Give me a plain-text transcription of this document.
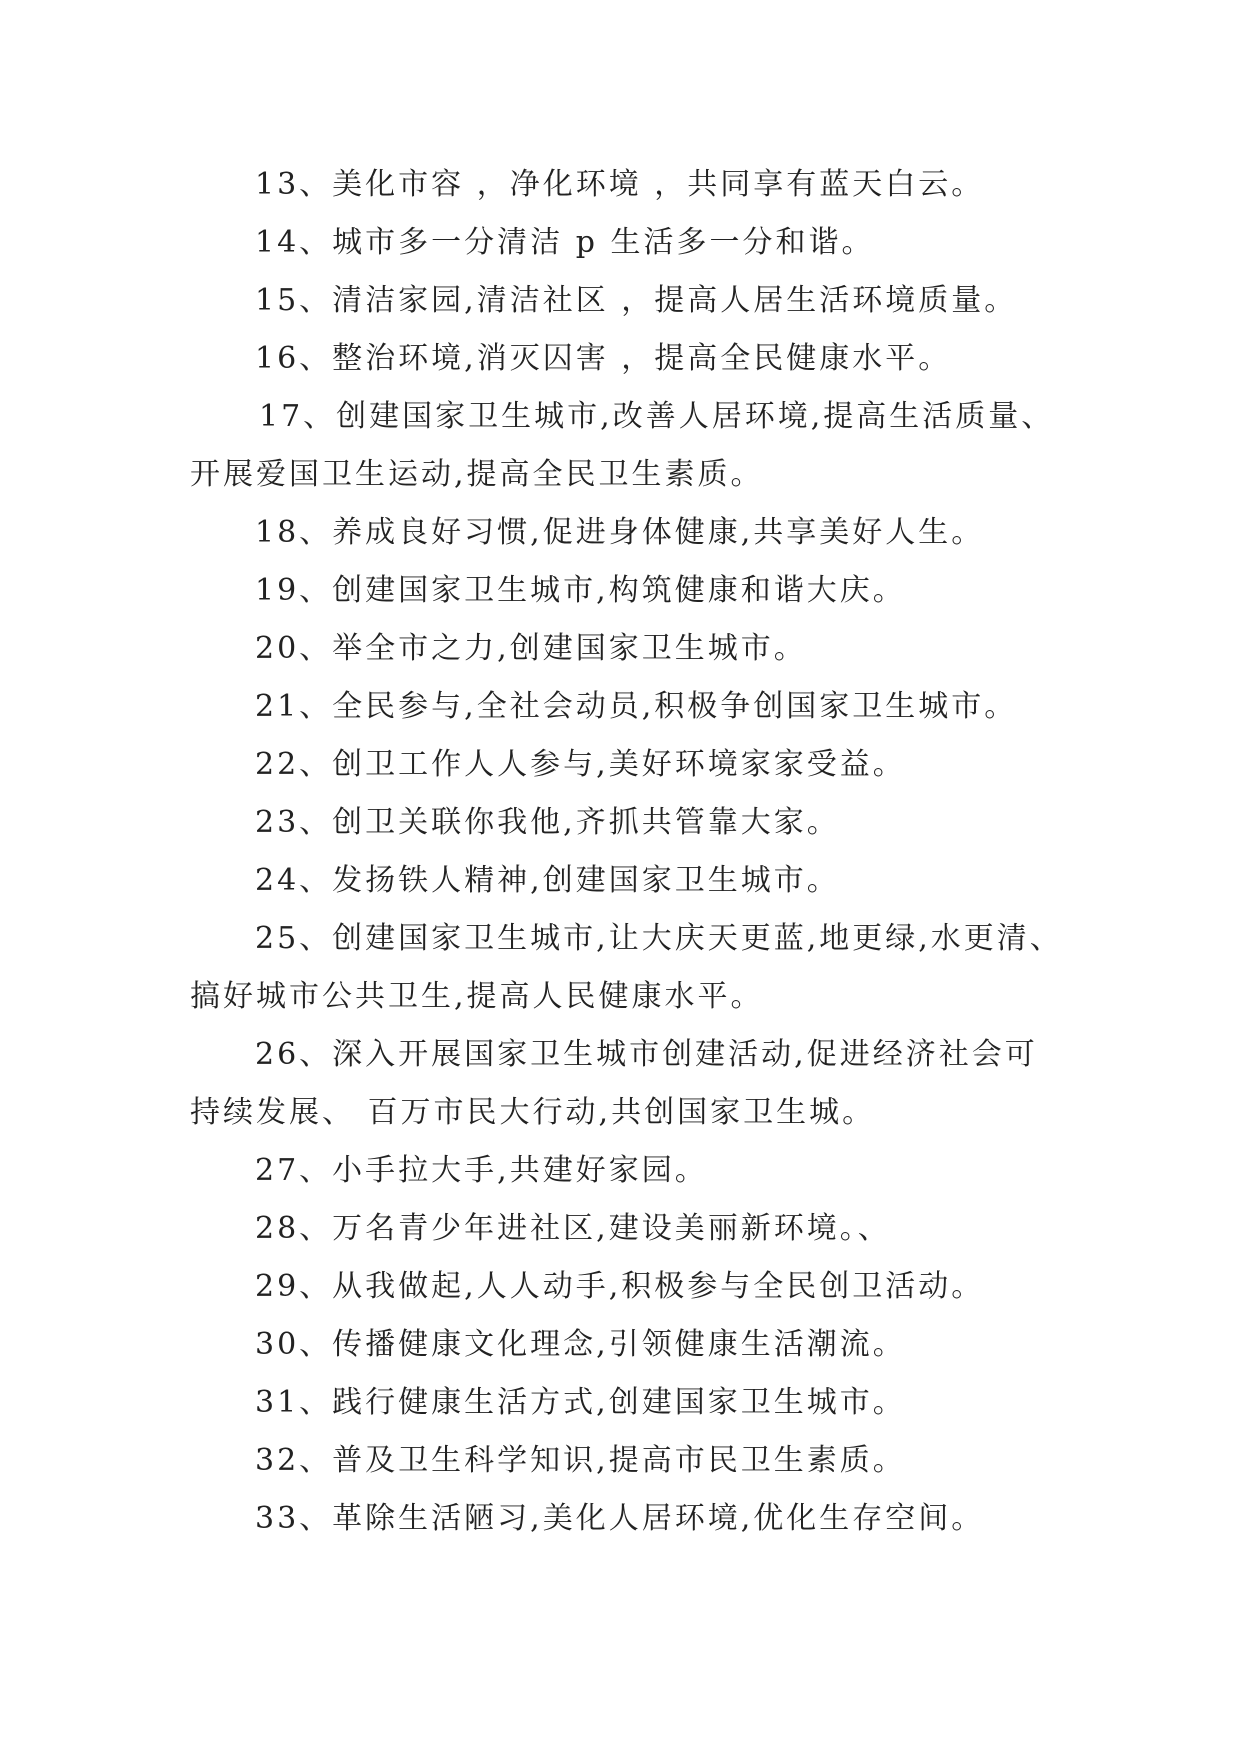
13、美化市容 ，净化环境 ，共同享有蓝天白云。
14、城市多一分清洁 p 生活多一分和谐。
15、清洁家园,清洁社区 ，提高人居生活环境质量。
16、整治环境,消灭囚害 ，提高全民健康水平。
17、创建国家卫生城市,改善人居环境,提高生活质量、
开展爱国卫生运动,提高全民卫生素质。
18、养成良好习惯,促进身体健康,共享美好人生。
19、创建国家卫生城市,构筑健康和谐大庆。
20、举全市之力,创建国家卫生城市。
21、全民参与,全社会动员,积极争创国家卫生城市。
22、创卫工作人人参与,美好环境家家受益。
23、创卫关联你我他,齐抓共管靠大家。
24、发扬铁人精神,创建国家卫生城市。
25、创建国家卫生城市,让大庆天更蓝,地更绿,水更清、
搞好城市公共卫生,提高人民健康水平。
26、深入开展国家卫生城市创建活动,促进经济社会可
持续发展、 百万市民大行动,共创国家卫生城。
27、小手拉大手,共建好家园。
28、万名青少年进社区,建设美丽新环境。、
29、从我做起,人人动手,积极参与全民创卫活动。
30、传播健康文化理念,引领健康生活潮流。
31、践行健康生活方式,创建国家卫生城市。
32、普及卫生科学知识,提高市民卫生素质。
33、革除生活陋习,美化人居环境,优化生存空间。
